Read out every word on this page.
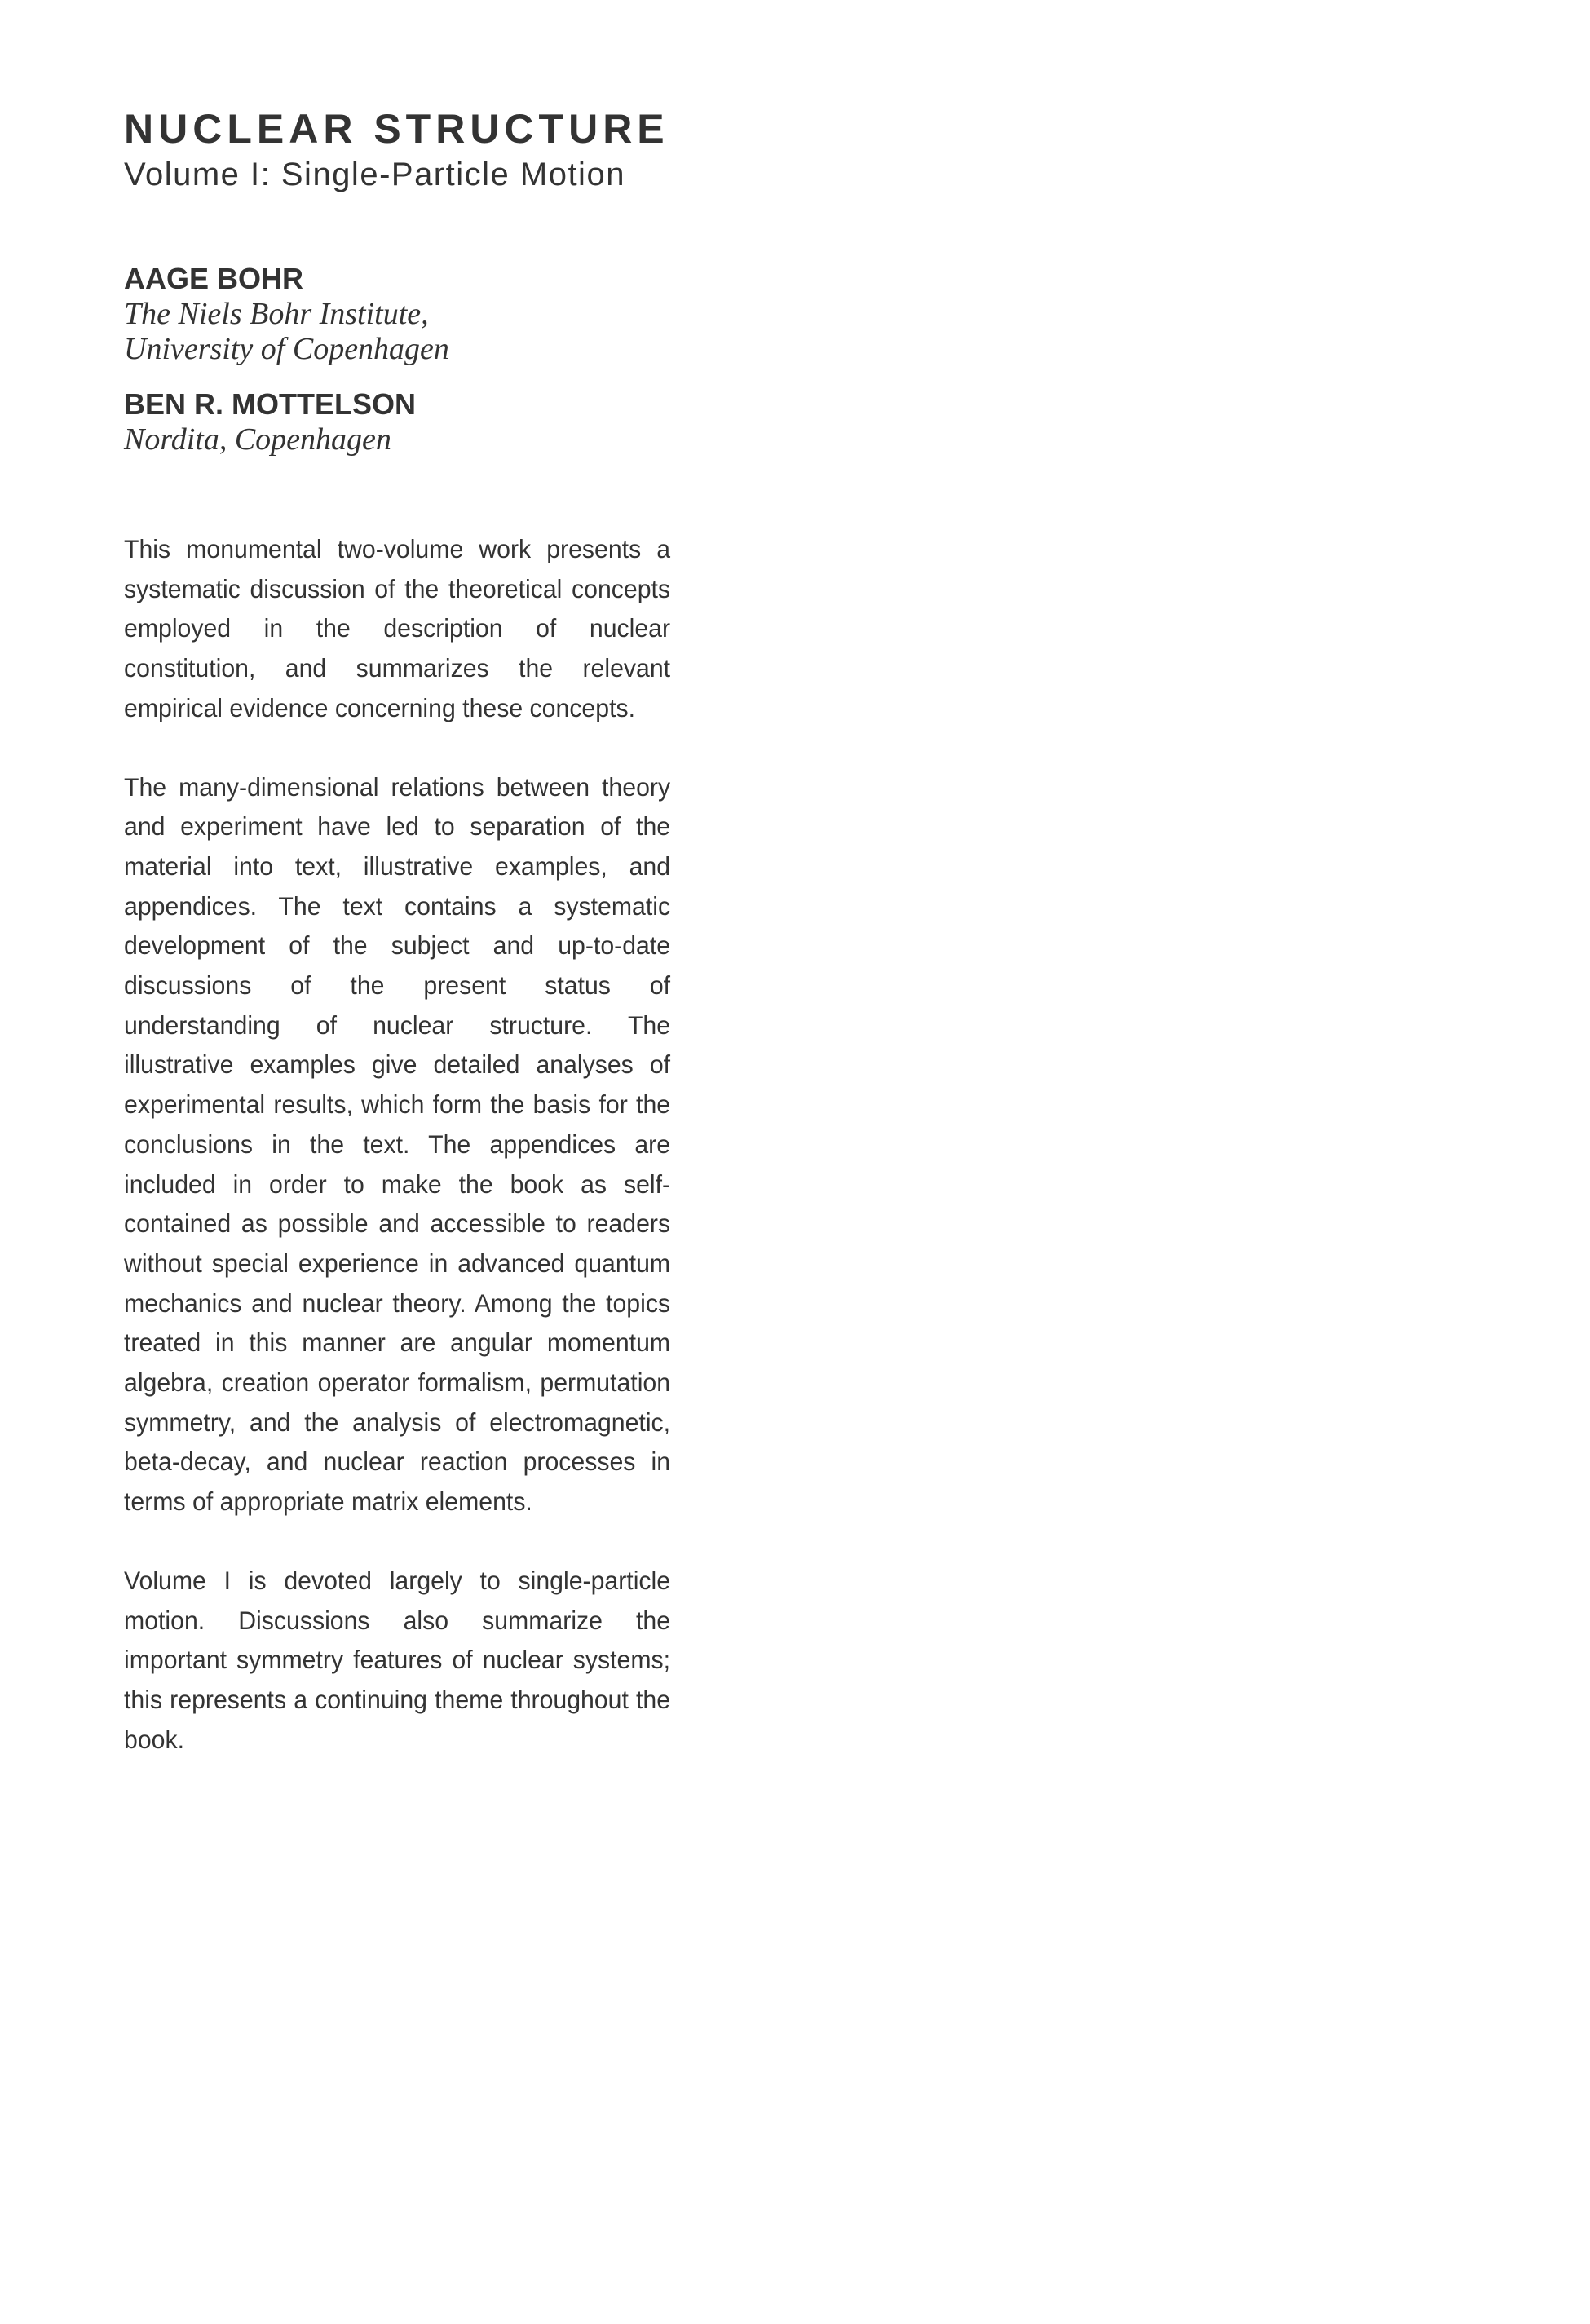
NUCLEAR STRUCTURE
Volume I: Single-Particle Motion
AAGE BOHR
The Niels Bohr Institute,
University of Copenhagen
BEN R. MOTTELSON
Nordita, Copenhagen

This monumental two-volume work presents a systematic discussion of the theoretical concepts employed in the description of nuclear constitution, and summarizes the relevant empirical evidence concerning these concepts.

The many-dimensional relations between theory and experiment have led to separation of the material into text, illustrative examples, and appendices. The text contains a systematic development of the subject and up-to-date discussions of the present status of understanding of nuclear structure. The illustrative examples give detailed analyses of experimental results, which form the basis for the conclusions in the text. The appendices are included in order to make the book as self-contained as possible and accessible to readers without special experience in advanced quantum mechanics and nuclear theory. Among the topics treated in this manner are angular momentum algebra, creation operator formalism, permutation symmetry, and the analysis of electromagnetic, beta-decay, and nuclear reaction processes in terms of appropriate matrix elements.

Volume I is devoted largely to single-particle motion. Discussions also summarize the important symmetry features of nuclear systems; this represents a continuing theme throughout the book.
